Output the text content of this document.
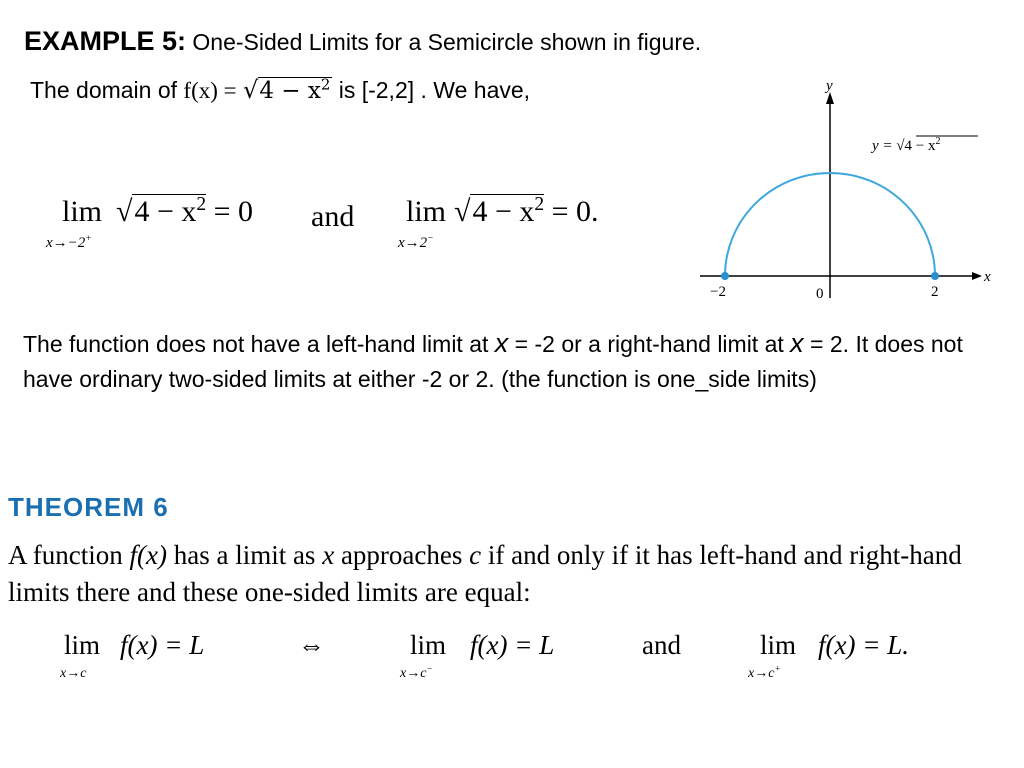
EXAMPLE 5: One-Sided Limits for a Semicircle shown in figure.
The domain of $f(x) = √4 - x^2$ is [-2,2] . We have,
lim
x→−2+
$√4 - x^2 = 0$ and lim
x→2−
$√4 - x^2 = 0$.
y
x
−2	0	2
$y = √4 - x^2$
The function does not have a left-hand limit at x = -2 or a right-hand limit at x = 2. It does not have ordinary two-sided limits at either -2 or 2. (the function is one_side limits)
THEOREM 6
A function f(x) has a limit as x approaches c if and only if it has left-hand and right-hand limits there and these one-sided limits are equal:
lim
x→c
f(x) = L	⇔	lim
x→c−
f(x) = L	and	lim
x→c+
f(x) = L.
